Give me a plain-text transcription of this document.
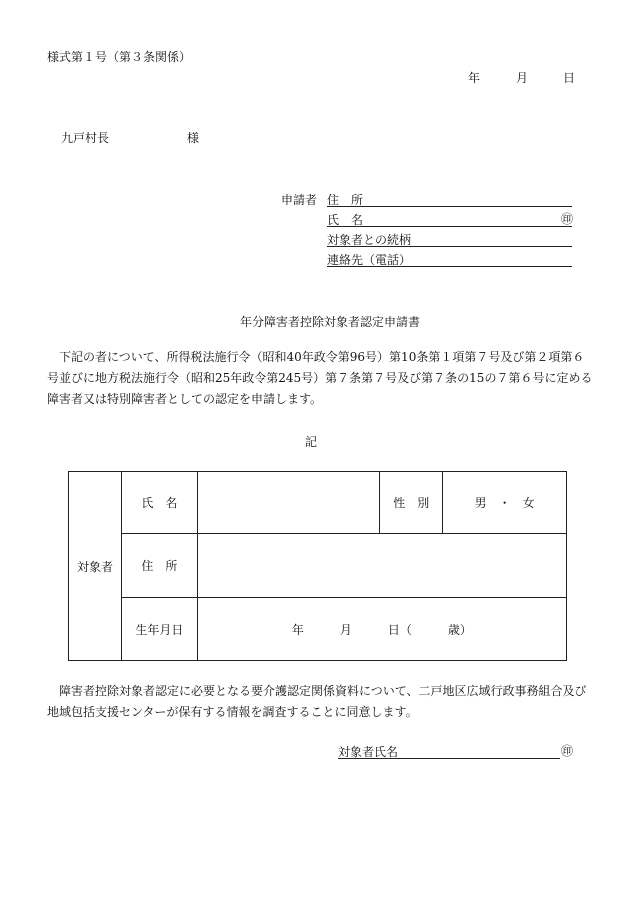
様式第１号（第３条関係）
年	月	日
九戸村長	様
申請者 住　所
氏　名	㊞
対象者との続柄
連絡先（電話）
年分障害者控除対象者認定申請書
下記の者について、所得税法施行令（昭和40年政令第96号）第10条第１項第７号及び第２項第６
号並びに地方税法施行令（昭和25年政令第245号）第７条第７号及び第７条の15の７第６号に定める
障害者又は特別障害者としての認定を申請します。
記
対象者	氏　名		性　別	男　・　女
	住　所			
	生年月日	年　　　月　　　日（　　　歳）		
障害者控除対象者認定に必要となる要介護認定関係資料について、二戸地区広域行政事務組合及び
地域包括支援センターが保有する情報を調査することに同意します。
対象者氏名	㊞
